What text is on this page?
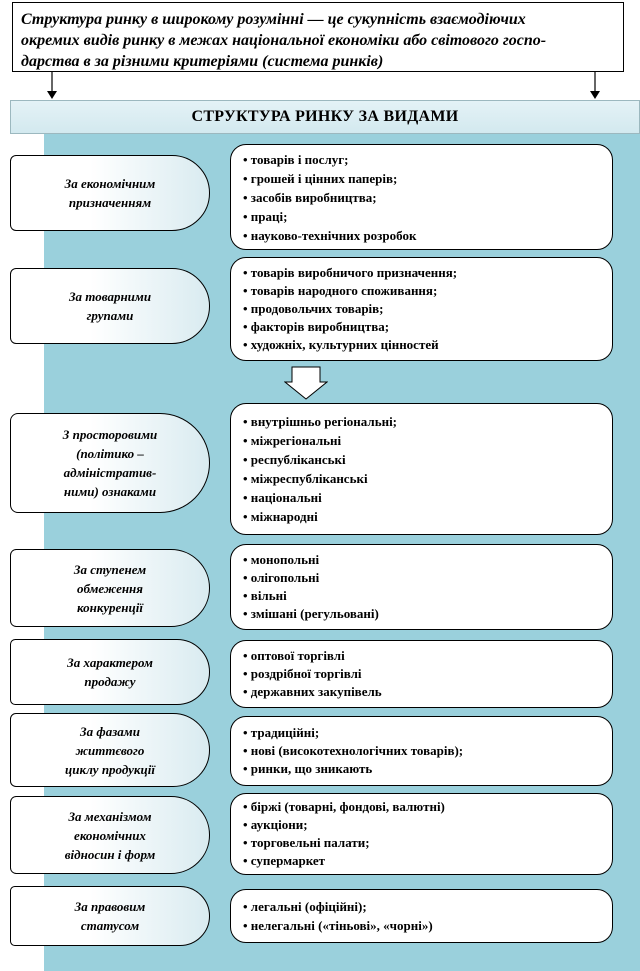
Структура ринку в широкому розумінні — це сукупність взаємодіючих
окремих видів ринку в межах національної економіки або світового госпо-
дарства в за різними критеріями (система ринків)
СТРУКТУРА РИНКУ ЗА ВИДАМИ
За економічним
призначенням
• товарів і послуг;
• грошей і цінних паперів;
• засобів виробництва;
• праці;
• науково-технічних розробок
За товарними
групами
• товарів виробничого призначення;
• товарів народного споживання;
• продовольчих товарів;
• факторів виробництва;
• художніх, культурних цінностей
З просторовими
(політико –
адміністратив-
ними) ознаками
• внутрішньо регіональні;
• міжрегіональні
• республіканські
• міжреспубліканські
• національні
• міжнародні
За ступенем
обмеження
конкуренції
• монопольні
• олігопольні
• вільні
• змішані (регульовані)
За характером
продажу
• оптової торгівлі
• роздрібної торгівлі
• державних закупівель
За фазами
життєвого
циклу продукції
• традиційні;
• нові (високотехнологічних товарів);
• ринки, що зникають
За механізмом
економічних
відносин і форм
• біржі (товарні, фондові, валютні)
• аукціони;
• торговельні палати;
• супермаркет
За правовим
статусом
• легальні (офіційні);
• нелегальні («тіньові», «чорні»)
